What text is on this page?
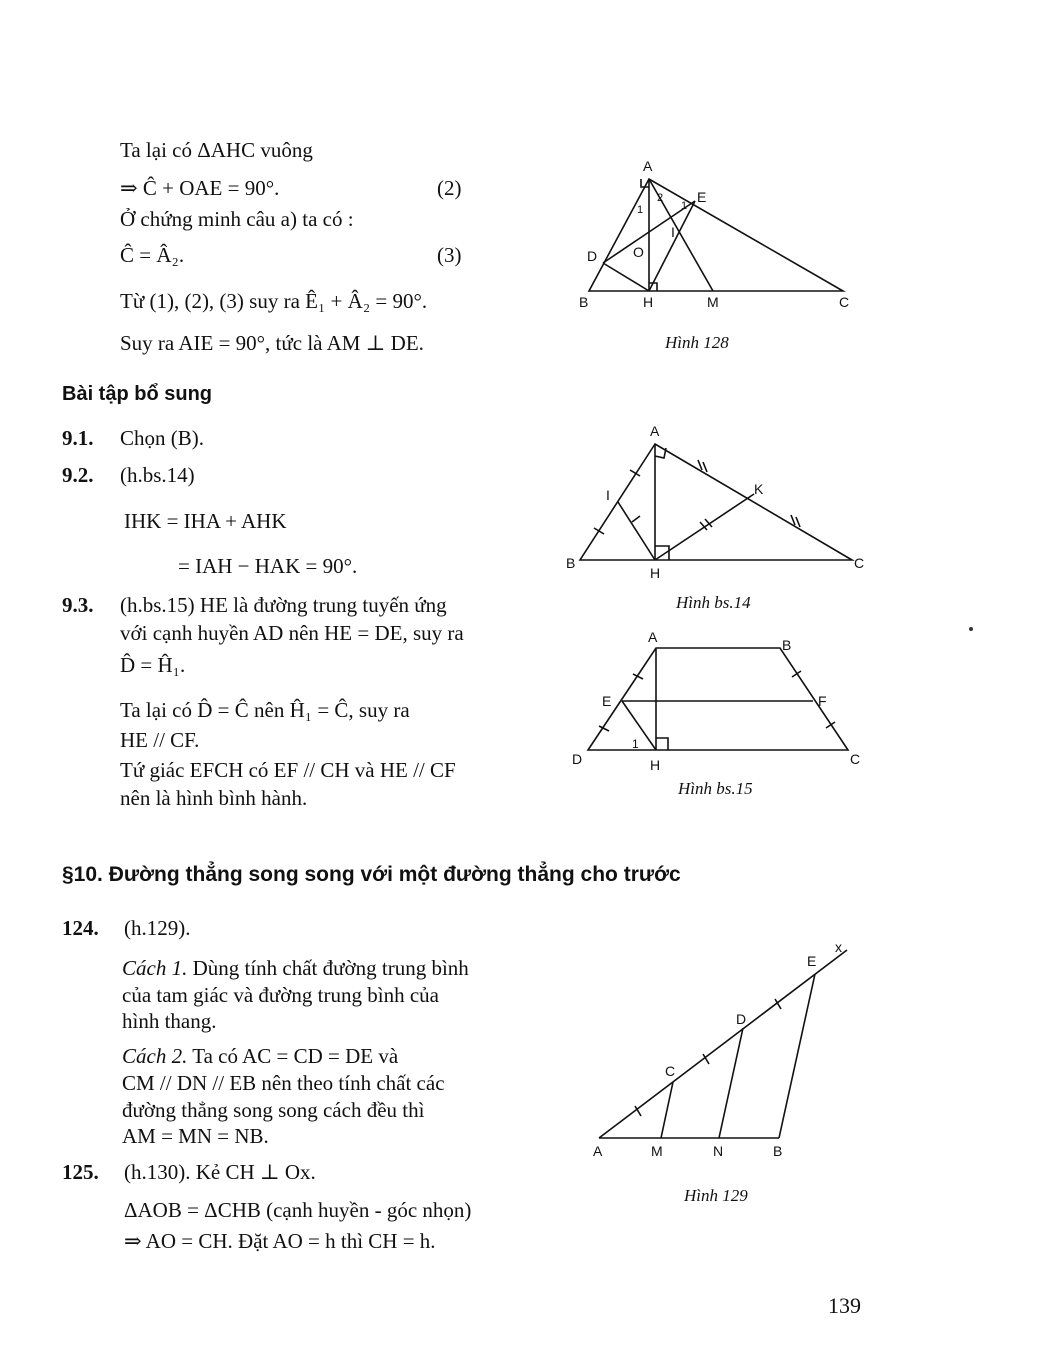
Ta lại có ΔAHC vuông
⇒ Ĉ + OAE = 90°.	(2)
Ở chứng minh câu a) ta có :
Ĉ = Â₂.	(3)
Từ (1), (2), (3) suy ra Ê₁ + Â₂ = 90°.
Suy ra AIE = 90°, tức là AM ⊥ DE.
A
E
D	O
I
B	H	M	C
1
2
1
Hình 128
Bài tập bổ sung
9.1. Chọn (B).
9.2. (h.bs.14)
IHK = IHA + AHK
= IAH − HAK = 90°.
9.3. (h.bs.15) HE là đường trung tuyến ứng
với cạnh huyền AD nên HE = DE, suy ra
D̂ = Ĥ₁.
Ta lại có D̂ = Ĉ nên Ĥ₁ = Ĉ, suy ra
HE // CF.
Tứ giác EFCH có EF // CH và HE // CF
nên là hình bình hành.
A
I	K
B
H
C
Hình bs.14
A	B
E	F
D	H	C
1
Hình bs.15
§10. Đường thẳng song song với một đường thẳng cho trước
124. (h.129).
Cách 1. Dùng tính chất đường trung bình
của tam giác và đường trung bình của
hình thang.
Cách 2. Ta có AC = CD = DE và
CM // DN // EB nên theo tính chất các
đường thẳng song song cách đều thì
AM = MN = NB.
125. (h.130). Kẻ CH ⊥ Ox.
ΔAOB = ΔCHB (cạnh huyền - góc nhọn)
⇒ AO = CH. Đặt AO = h thì CH = h.
x
E
D
C
A	M	N	B
Hình 129
139
